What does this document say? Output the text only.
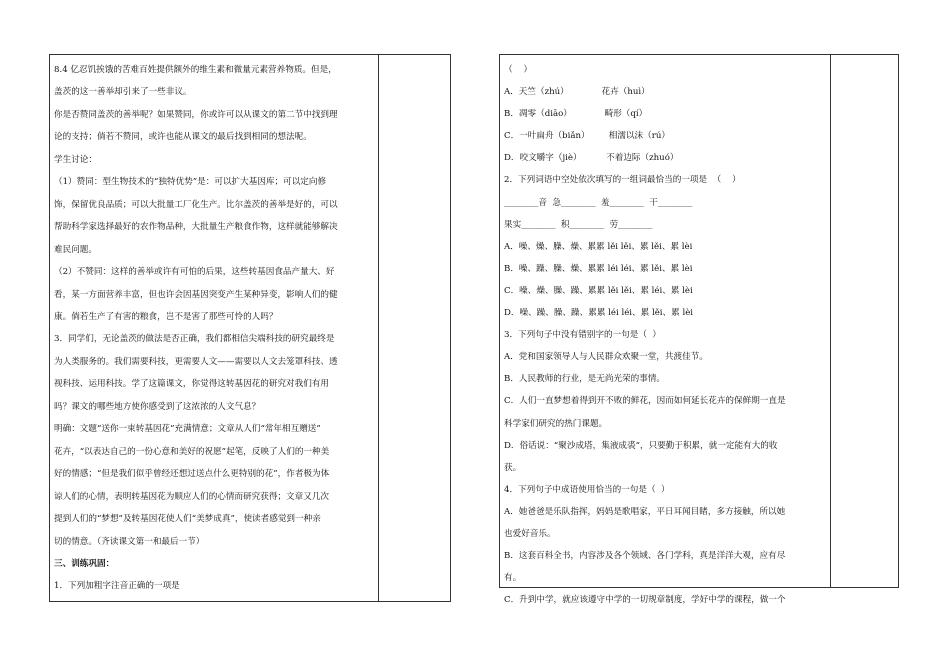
8.4 亿忍饥挨饿的苦难百姓提供额外的维生素和微量元素营养物质。但是，
盖茨的这一善举却引来了一些非议。
你是否赞同盖茨的善举呢？如果赞同，你或许可以从课文的第二节中找到理
论的支持；倘若不赞同，或许也能从课文的最后找到相同的想法呢。
学生讨论：
（1）赞同：型生物技术的“独特优势”是：可以扩大基因库；可以定向修
饰，保留优良品质；可以大批量工厂化生产。比尔盖茨的善举是好的，可以
帮助科学家选择最好的农作物品种，大批量生产粮食作物，这样就能够解决
难民问题。
（2）不赞同：这样的善举或许有可怕的后果，这些转基因食品产量大、好
看，某一方面营养丰富，但也许会因基因突变产生某种异变，影响人们的健
康。倘若生产了有害的粮食，岂不是害了那些可怜的人吗？
3．同学们，无论盖茨的做法是否正确，我们都相信尖端科技的研究最终是
为人类服务的。我们需要科技，更需要人文——需要以人文去笼罩科技、透
视科技、运用科技。学了这篇课文，你觉得这转基因花的研究对我们有用
吗？课文的哪些地方使你感受到了这浓浓的人文气息？
明确：文题“送你一束转基因花”充满情意；文章从人们“常年相互赠送”
花卉，“以表达自己的一份心意和美好的祝愿”起笔，反映了人们的一种美
好的情感；“但是我们似乎曾经还想过送点什么更特别的花”，作者极为体
谅人们的心情，表明转基因花为顺应人们的心情而研究获得；文章又几次
提到人们的“梦想”及转基因花使人们“美梦成真”，使读者感觉到一种亲
切的情意。（齐读课文第一和最后一节）
三、训练巩固：
1．下列加粗字注音正确的一项是
（    ）
A．天竺（zhú）            花卉（huì）
B．凋零（diāo）            畸形（qí）
C．一叶扁舟（biǎn）       相濡以沫（rú）
D．咬文嚼字（jiè）         不着边际（zhuó）
2．下列词语中空处依次填写的一组词最恰当的一项是  （    ）
________音  急________  羞________  干________
果实________  积________  劳________
A．噪、燥、臊、燥、累累 lěi lěi、累 lěi、累 lèi
B．噪、躁、臊、燥、累累 léi léi、累 lěi、累 lèi
C．噪、燥、臊、躁、累累 lěi lěi、累 léi、累 lèi
D．噪、躁、臊、躁、累累 léi léi、累 lěi、累 lèi
3．下列句子中没有错别字的一句是（  ）
A．党和国家领导人与人民群众欢聚一堂，共渡佳节。
B．人民教师的行业，是无尚光荣的事情。
C．人们一直梦想着得到开不败的鲜花，因而如何延长花卉的保鲜期一直是
科学家们研究的热门课题。
D．俗话说：“聚沙成塔，集液成裘”，只要勤于积累，就一定能有大的收
获。
4．下列句子中成语使用恰当的一句是（  ）
A．她爸爸是乐队指挥，妈妈是歌唱家，平日耳闻目睹，多方接触，所以她
也爱好音乐。
B．这套百科全书，内容涉及各个领域、各门学科，真是洋洋大观，应有尽
有。
C．升到中学，就应该遵守中学的一切规章制度，学好中学的课程，做一个
